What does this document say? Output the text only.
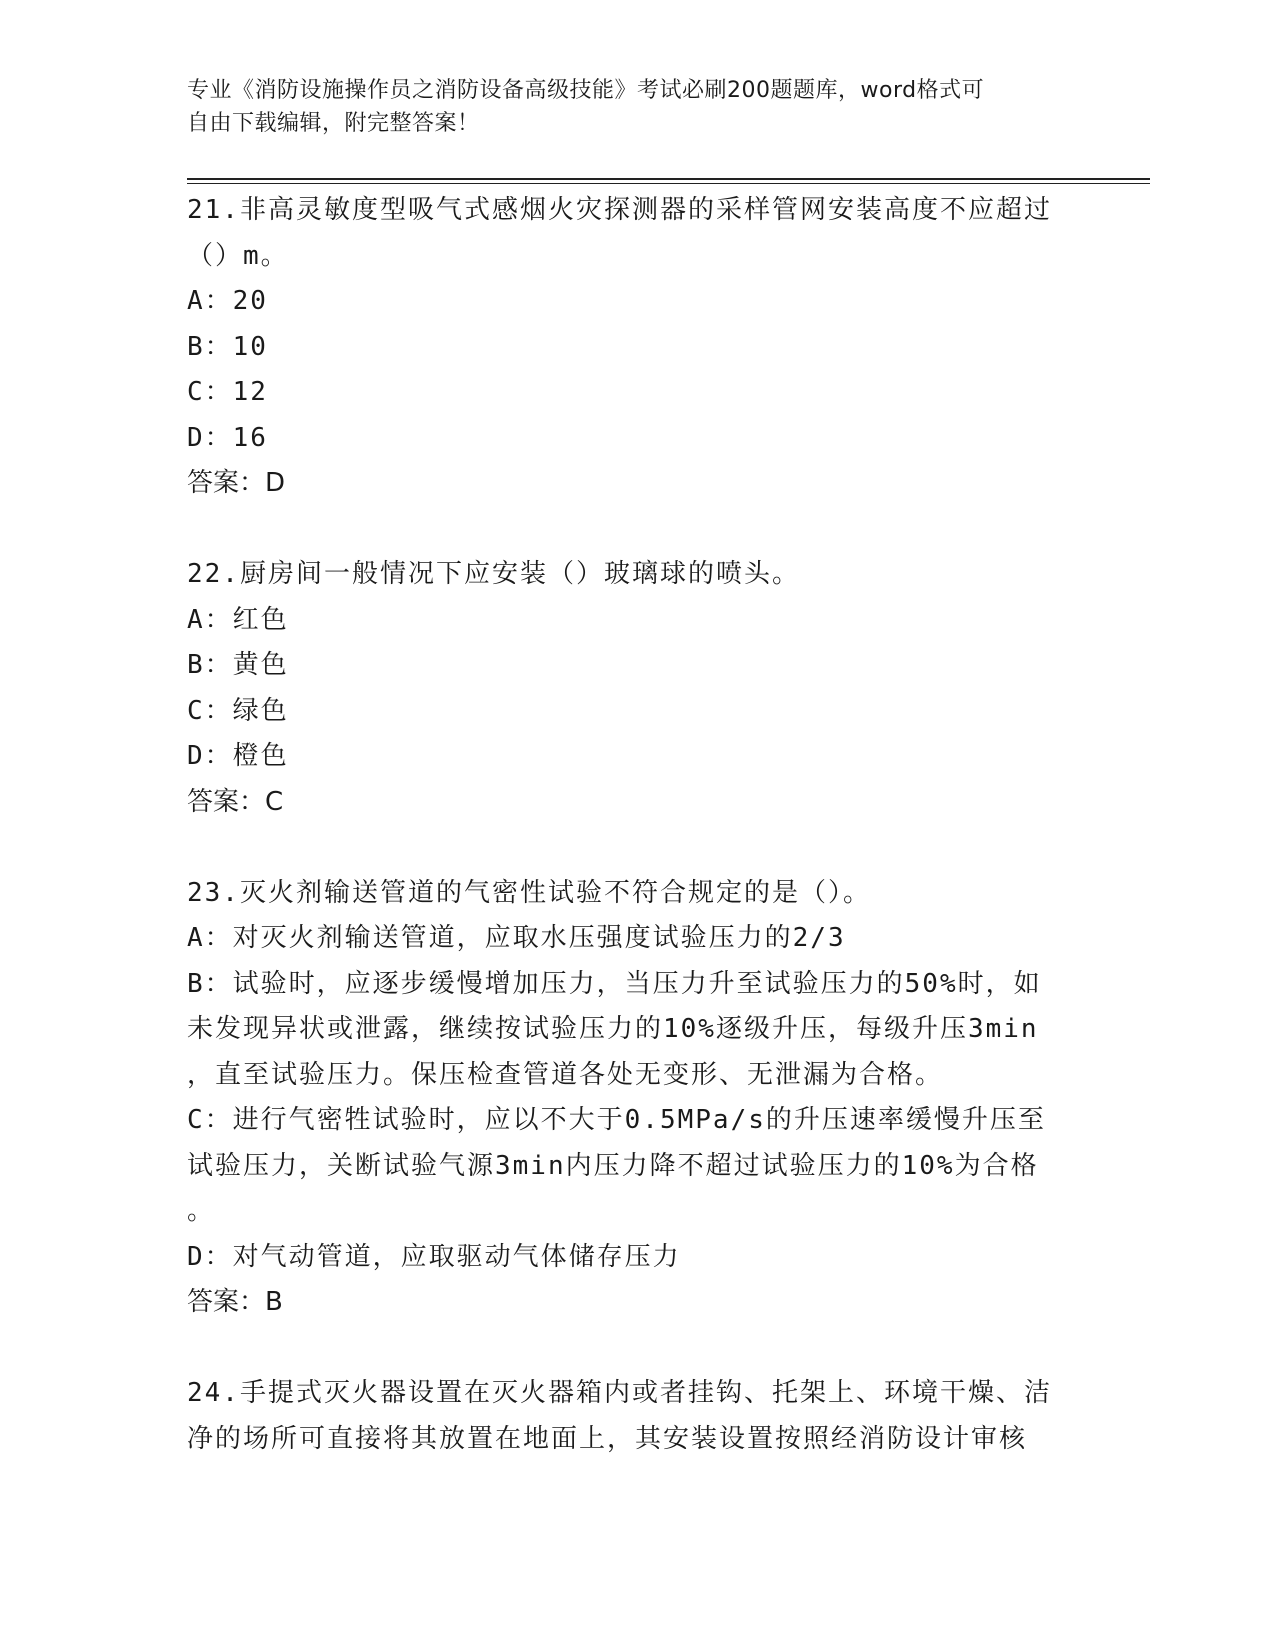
专业《消防设施操作员之消防设备高级技能》考试必刷200题题库，word格式可
自由下载编辑，附完整答案！
21.非高灵敏度型吸气式感烟火灾探测器的采样管网安装高度不应超过
（）m。
A：20
B：10
C：12
D：16
答案：D
22.厨房间一般情况下应安装（）玻璃球的喷头。
A：红色
B：黄色
C：绿色
D：橙色
答案：C
23.灭火剂输送管道的气密性试验不符合规定的是（）。
A：对灭火剂输送管道，应取水压强度试验压力的2/3
B：试验时，应逐步缓慢增加压力，当压力升至试验压力的50%时，如
未发现异状或泄露，继续按试验压力的10%逐级升压，每级升压3min
，直至试验压力。保压检查管道各处无变形、无泄漏为合格。
C：进行气密牲试验时，应以不大于0.5MPa/s的升压速率缓慢升压至
试验压力，关断试验气源3min内压力降不超过试验压力的10%为合格
。
D：对气动管道，应取驱动气体储存压力
答案：B
24.手提式灭火器设置在灭火器箱内或者挂钩、托架上、环境干燥、洁
净的场所可直接将其放置在地面上，其安装设置按照经消防设计审核
